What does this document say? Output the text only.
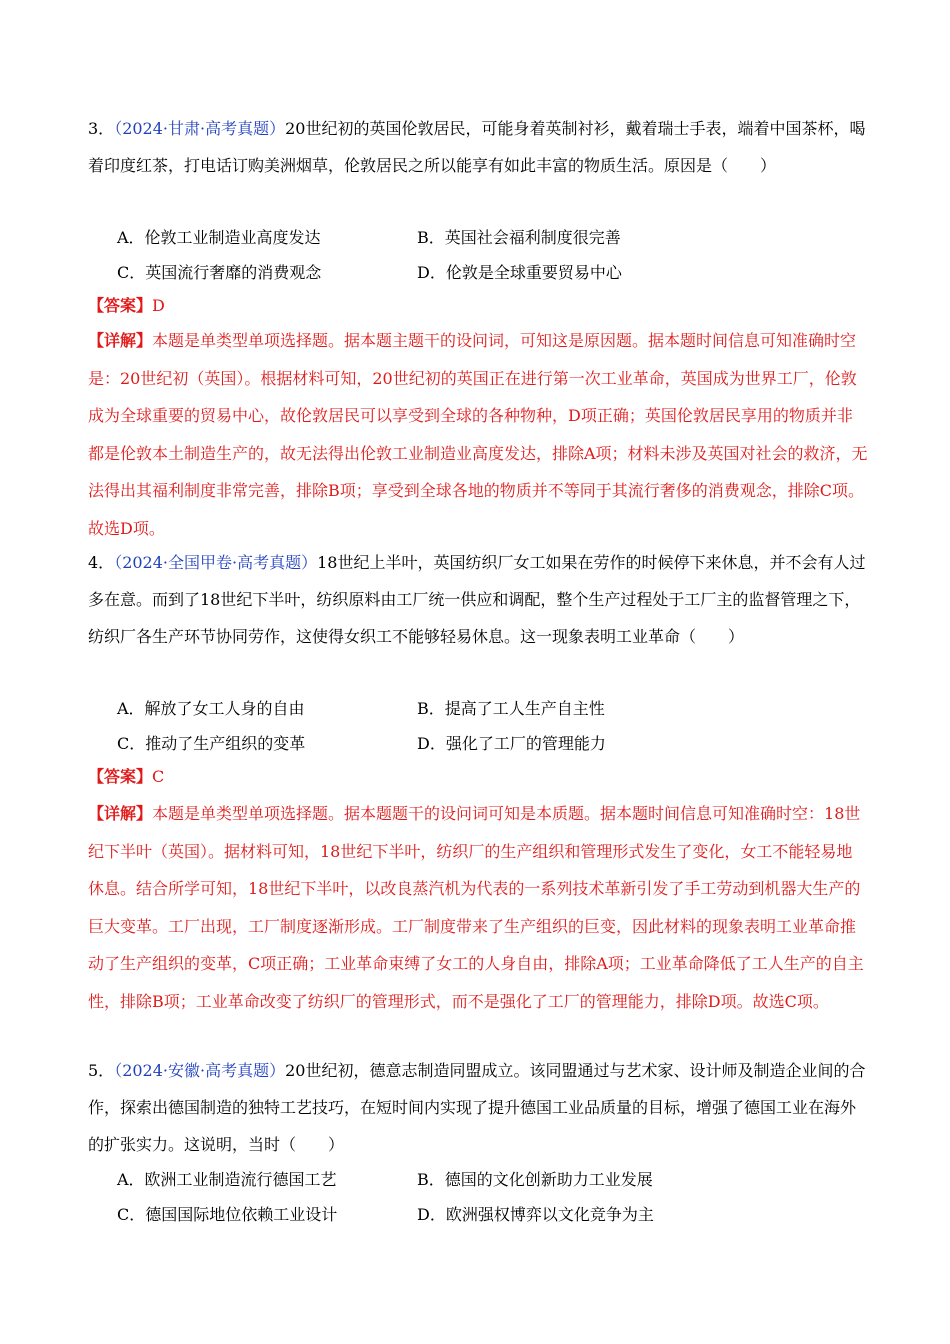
3．（2024·甘肃·高考真题）20世纪初的英国伦敦居民，可能身着英制衬衫，戴着瑞士手表，端着中国茶杯，喝着印度红茶，打电话订购美洲烟草，伦敦居民之所以能享有如此丰富的物质生活。原因是（　　）
A．伦敦工业制造业高度发达	B．英国社会福利制度很完善
C．英国流行奢靡的消费观念	D．伦敦是全球重要贸易中心
【答案】D
【详解】本题是单类型单项选择题。据本题主题干的设问词，可知这是原因题。据本题时间信息可知准确时空是：20世纪初（英国）。根据材料可知，20世纪初的英国正在进行第一次工业革命，英国成为世界工厂，伦敦成为全球重要的贸易中心，故伦敦居民可以享受到全球的各种物种，D项正确；英国伦敦居民享用的物质并非都是伦敦本土制造生产的，故无法得出伦敦工业制造业高度发达，排除A项；材料未涉及英国对社会的救济，无法得出其福利制度非常完善，排除B项；享受到全球各地的物质并不等同于其流行奢侈的消费观念，排除C项。故选D项。
4．（2024·全国甲卷·高考真题）18世纪上半叶，英国纺织厂女工如果在劳作的时候停下来休息，并不会有人过多在意。而到了18世纪下半叶，纺织原料由工厂统一供应和调配，整个生产过程处于工厂主的监督管理之下，纺织厂各生产环节协同劳作，这使得女织工不能够轻易休息。这一现象表明工业革命（　　）
A．解放了女工人身的自由	B．提高了工人生产自主性
C．推动了生产组织的变革	D．强化了工厂的管理能力
【答案】C
【详解】本题是单类型单项选择题。据本题题干的设问词可知是本质题。据本题时间信息可知准确时空：18世纪下半叶（英国）。据材料可知，18世纪下半叶，纺织厂的生产组织和管理形式发生了变化，女工不能轻易地休息。结合所学可知，18世纪下半叶，以改良蒸汽机为代表的一系列技术革新引发了手工劳动到机器大生产的巨大变革。工厂出现，工厂制度逐渐形成。工厂制度带来了生产组织的巨变，因此材料的现象表明工业革命推动了生产组织的变革，C项正确；工业革命束缚了女工的人身自由，排除A项；工业革命降低了工人生产的自主性，排除B项；工业革命改变了纺织厂的管理形式，而不是强化了工厂的管理能力，排除D项。故选C项。
5．（2024·安徽·高考真题）20世纪初，德意志制造同盟成立。该同盟通过与艺术家、设计师及制造企业间的合作，探索出德国制造的独特工艺技巧，在短时间内实现了提升德国工业品质量的目标，增强了德国工业在海外的扩张实力。这说明，当时（　　）
A．欧洲工业制造流行德国工艺	B．德国的文化创新助力工业发展
C．德国国际地位依赖工业设计	D．欧洲强权博弈以文化竞争为主
